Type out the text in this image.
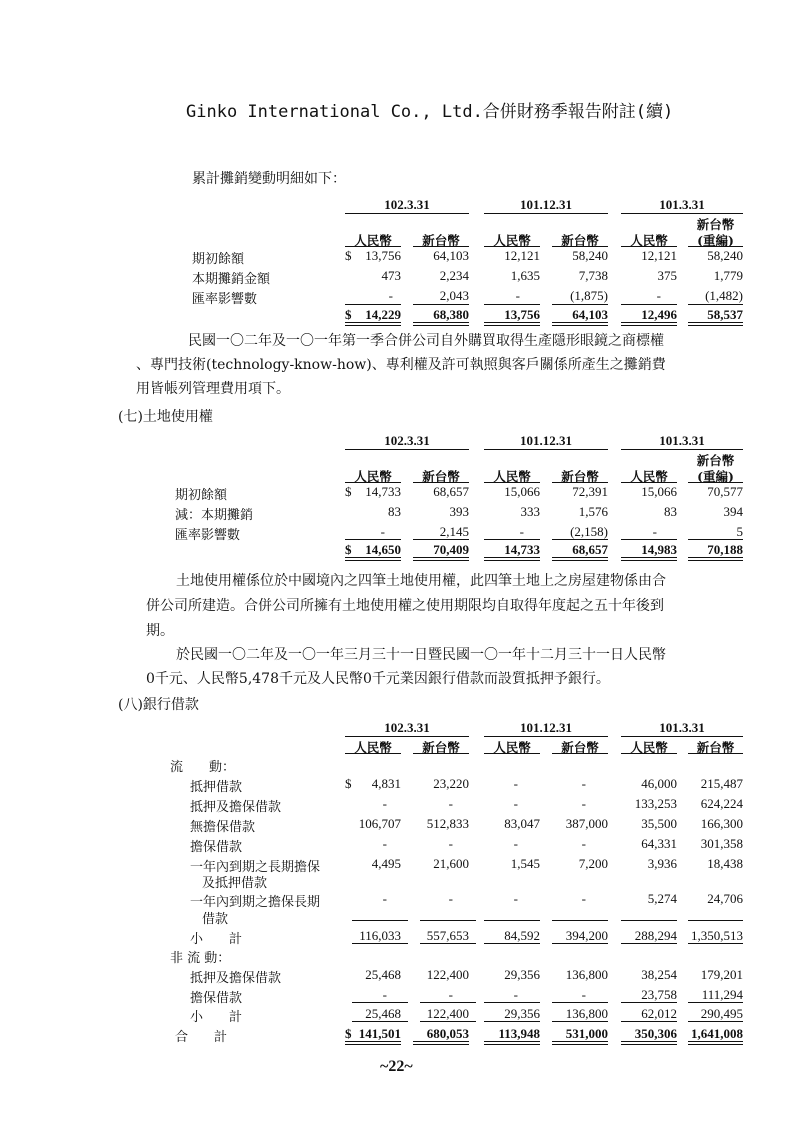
Ginko International Co., Ltd.合併財務季報告附註(續)
累計攤銷變動明細如下：
102.3.31	101.12.31	101.3.31
新台幣
人民幣	新台幣	人民幣	新台幣	人民幣	(重編)
期初餘額	$	13,756	64,103	12,121	58,240	12,121	58,240
本期攤銷金額	473	2,234	1,635	7,738	375	1,779
匯率影響數	-	2,043	-	(1,875)	-	(1,482)
$	14,229	68,380	13,756	64,103	12,496	58,537
民國一〇二年及一〇一年第一季合併公司自外購買取得生產隱形眼鏡之商標權
、專門技術(technology-know-how)、專利權及許可執照與客戶關係所產生之攤銷費
用皆帳列管理費用項下。
(七)土地使用權
102.3.31	101.12.31	101.3.31
新台幣
人民幣	新台幣	人民幣	新台幣	人民幣	(重編)
期初餘額	$	14,733	68,657	15,066	72,391	15,066	70,577
減：本期攤銷	83	393	333	1,576	83	394
匯率影響數	-	2,145	-	(2,158)	-	5
$	14,650	70,409	14,733	68,657	14,983	70,188
土地使用權係位於中國境內之四筆土地使用權，此四筆土地上之房屋建物係由合
併公司所建造。合併公司所擁有土地使用權之使用期限均自取得年度起之五十年後到
期。
於民國一〇二年及一〇一年三月三十一日暨民國一〇一年十二月三十一日人民幣
0千元、人民幣5,478千元及人民幣0千元業因銀行借款而設質抵押予銀行。
(八)銀行借款
102.3.31	101.12.31	101.3.31
人民幣	新台幣	人民幣	新台幣	人民幣	新台幣
流　　動：
抵押借款	$	4,831	23,220	-	-	46,000	215,487
抵押及擔保借款	-	-	-	-	133,253	624,224
無擔保借款	106,707	512,833	83,047	387,000	35,500	166,300
擔保借款	-	-	-	-	64,331	301,358
一年內到期之長期擔保
及抵押借款
4,495	21,600	1,545	7,200	3,936	18,438
一年內到期之擔保長期
借款
-	-	-	-	5,274	24,706
小　　計	116,033	557,653	84,592	394,200	288,294 1,350,513
非 流 動：
抵押及擔保借款	25,468	122,400	29,356	136,800	38,254	179,201
擔保借款	-	-	-	-	23,758	111,294
小　　計	25,468	122,400	29,356	136,800	62,012	290,495
合　　計	$ 141,501	680,053	113,948	531,000	350,306 1,641,008
~22~
